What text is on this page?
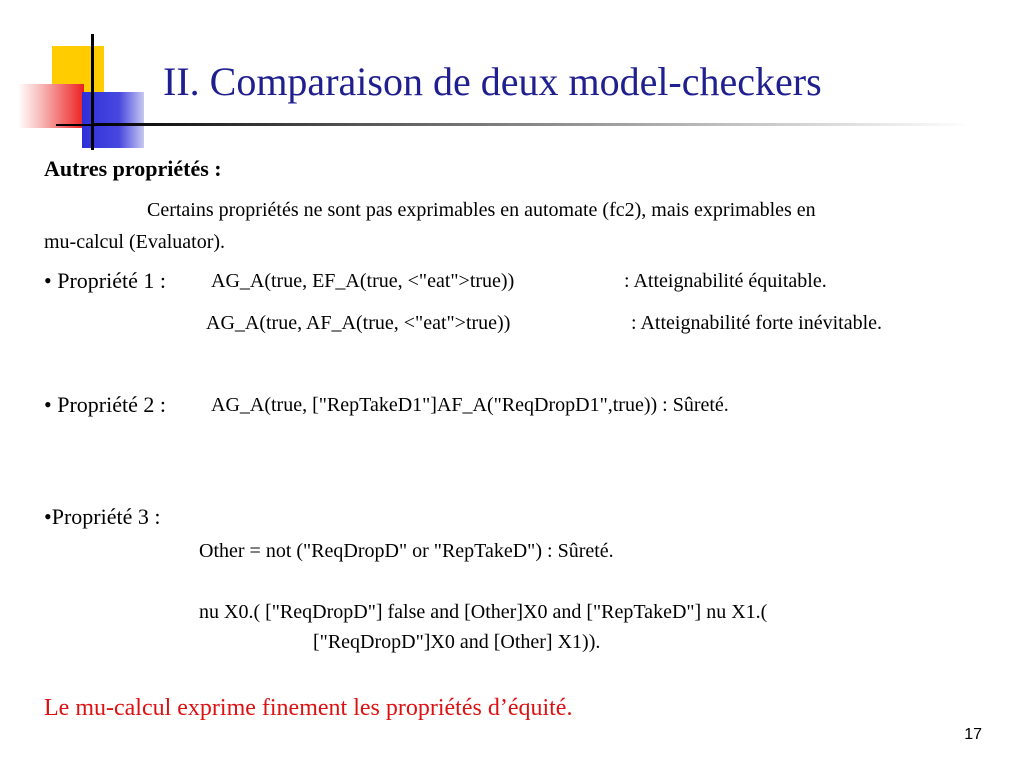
II. Comparaison de deux model-checkers

Autres propriétés :

Certains propriétés ne sont pas exprimables en automate (fc2), mais exprimables en

mu-calcul (Evaluator).

• Propriété 1 : AG_A(true, EF_A(true, <"eat">true))	: Atteignabilité équitable.

AG_A(true, AF_A(true, <"eat">true))	: Atteignabilité forte inévitable.

• Propriété 2 : AG_A(true, ["RepTakeD1"]AF_A("ReqDropD1",true)) : Sûreté.

•Propriété 3 :

Other = not ("ReqDropD" or "RepTakeD") : Sûreté.

nu X0.( ["ReqDropD"] false and [Other]X0 and ["RepTakeD"] nu X1.(

["ReqDropD"]X0 and [Other] X1)).

Le mu-calcul exprime finement les propriétés d’équité.

17
